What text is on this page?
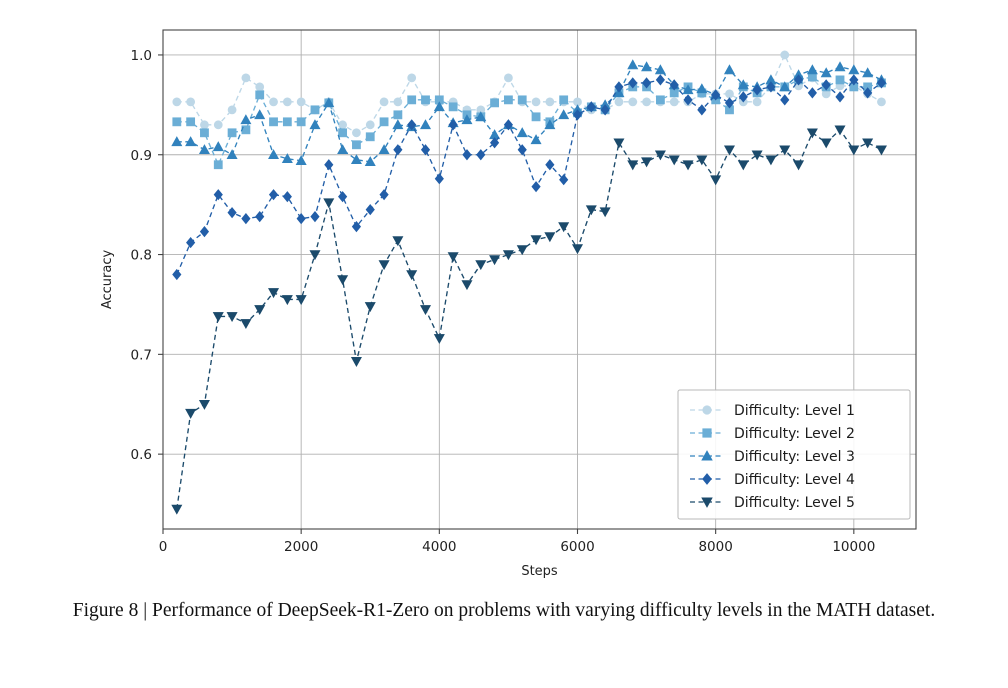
0	2000	4000	6000	8000	10000
0.6
0.7
0.8
0.9
1.0
Steps
Accuracy
Difficulty: Level 1
Difficulty: Level 2
Difficulty: Level 3
Difficulty: Level 4
Difficulty: Level 5
Figure 8 | Performance of DeepSeek-R1-Zero on problems with varying difficulty levels in the MATH dataset.
